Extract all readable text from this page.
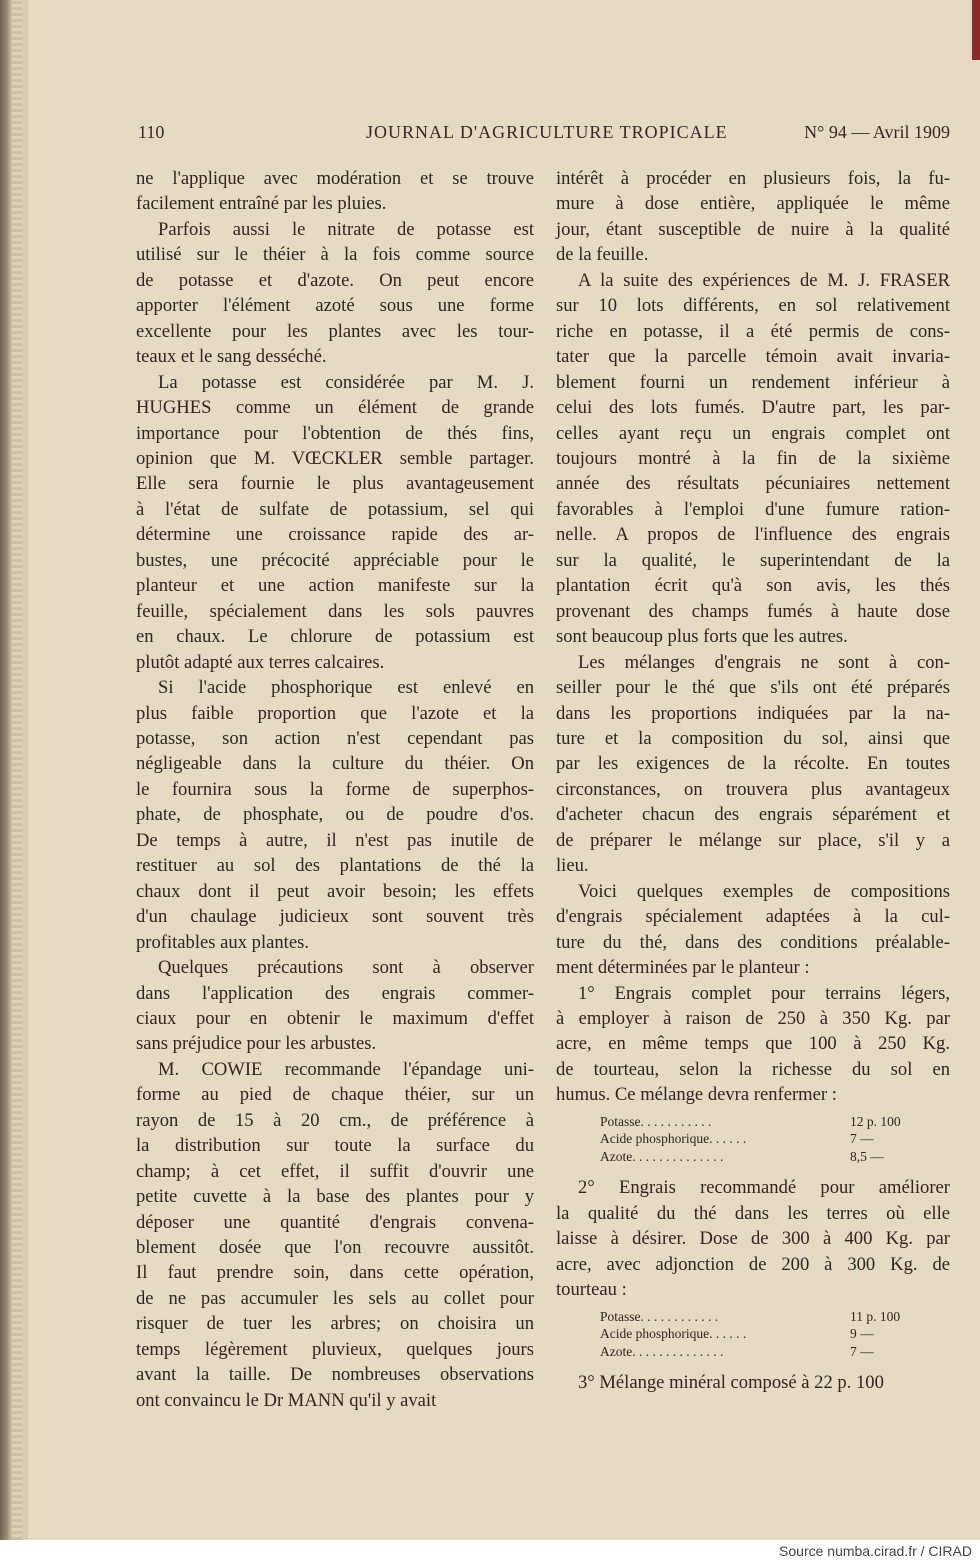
110	JOURNAL D'AGRICULTURE TROPICALE	N° 94 — Avril 1909
ne l'applique avec modération et se trouve
facilement entraîné par les pluies.
Parfois aussi le nitrate de potasse est
utilisé sur le théier à la fois comme source
de potasse et d'azote. On peut encore
apporter l'élément azoté sous une forme
excellente pour les plantes avec les tour-
teaux et le sang desséché.
La potasse est considérée par M. J.
HUGHES comme un élément de grande
importance pour l'obtention de thés fins,
opinion que M. VŒCKLER semble partager.
Elle sera fournie le plus avantageusement
à l'état de sulfate de potassium, sel qui
détermine une croissance rapide des ar-
bustes, une précocité appréciable pour le
planteur et une action manifeste sur la
feuille, spécialement dans les sols pauvres
en chaux. Le chlorure de potassium est
plutôt adapté aux terres calcaires.
Si l'acide phosphorique est enlevé en
plus faible proportion que l'azote et la
potasse, son action n'est cependant pas
négligeable dans la culture du théier. On
le fournira sous la forme de superphos-
phate, de phosphate, ou de poudre d'os.
De temps à autre, il n'est pas inutile de
restituer au sol des plantations de thé la
chaux dont il peut avoir besoin; les effets
d'un chaulage judicieux sont souvent très
profitables aux plantes.
Quelques précautions sont à observer
dans l'application des engrais commer-
ciaux pour en obtenir le maximum d'effet
sans préjudice pour les arbustes.
M. COWIE recommande l'épandage uni-
forme au pied de chaque théier, sur un
rayon de 15 à 20 cm., de préférence à
la distribution sur toute la surface du
champ; à cet effet, il suffit d'ouvrir une
petite cuvette à la base des plantes pour y
déposer une quantité d'engrais convena-
blement dosée que l'on recouvre aussitôt.
Il faut prendre soin, dans cette opération,
de ne pas accumuler les sels au collet pour
risquer de tuer les arbres; on choisira un
temps légèrement pluvieux, quelques jours
avant la taille. De nombreuses observations
ont convaincu le Dr MANN qu'il y avait
intérêt à procéder en plusieurs fois, la fu-
mure à dose entière, appliquée le même
jour, étant susceptible de nuire à la qualité
de la feuille.
A la suite des expériences de M. J. FRASER
sur 10 lots différents, en sol relativement
riche en potasse, il a été permis de cons-
tater que la parcelle témoin avait invaria-
blement fourni un rendement inférieur à
celui des lots fumés. D'autre part, les par-
celles ayant reçu un engrais complet ont
toujours montré à la fin de la sixième
année des résultats pécuniaires nettement
favorables à l'emploi d'une fumure ration-
nelle. A propos de l'influence des engrais
sur la qualité, le superintendant de la
plantation écrit qu'à son avis, les thés
provenant des champs fumés à haute dose
sont beaucoup plus forts que les autres.
Les mélanges d'engrais ne sont à con-
seiller pour le thé que s'ils ont été préparés
dans les proportions indiquées par la na-
ture et la composition du sol, ainsi que
par les exigences de la récolte. En toutes
circonstances, on trouvera plus avantageux
d'acheter chacun des engrais séparément et
de préparer le mélange sur place, s'il y a
lieu.
Voici quelques exemples de compositions
d'engrais spécialement adaptées à la cul-
ture du thé, dans des conditions préalable-
ment déterminées par le planteur :
1° Engrais complet pour terrains légers,
à employer à raison de 250 à 350 Kg. par
acre, en même temps que 100 à 250 Kg.
de tourteau, selon la richesse du sol en
humus. Ce mélange devra renfermer :
Potasse. . . . . . . . . . .	12 p. 100
Acide phosphorique. . . . . .	7 —
Azote. . . . . . . . . . . . . .	8,5 —
2° Engrais recommandé pour améliorer
la qualité du thé dans les terres où elle
laisse à désirer. Dose de 300 à 400 Kg. par
acre, avec adjonction de 200 à 300 Kg. de
tourteau :
Potasse. . . . . . . . . . . .	11 p. 100
Acide phosphorique. . . . . .	9 —
Azote. . . . . . . . . . . . . .	7 —
3° Mélange minéral composé à 22 p. 100
Source numba.cirad.fr / CIRAD
